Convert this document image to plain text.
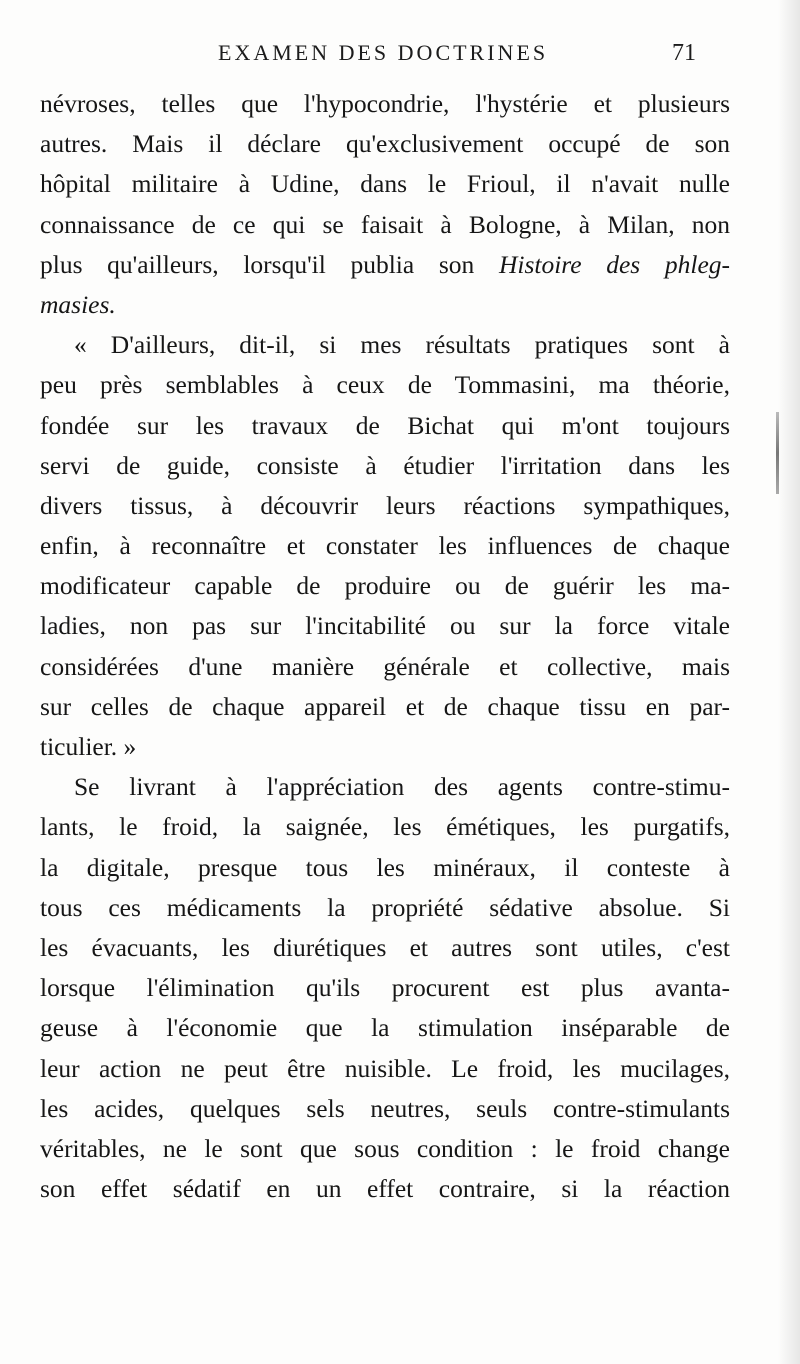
EXAMEN DES DOCTRINES	71
névroses, telles que l'hypocondrie, l'hystérie et plusieurs
autres. Mais il déclare qu'exclusivement occupé de son
hôpital militaire à Udine, dans le Frioul, il n'avait nulle
connaissance de ce qui se faisait à Bologne, à Milan, non
plus qu'ailleurs, lorsqu'il publia son Histoire des phleg-
masies.
« D'ailleurs, dit-il, si mes résultats pratiques sont à
peu près semblables à ceux de Tommasini, ma théorie,
fondée sur les travaux de Bichat qui m'ont toujours
servi de guide, consiste à étudier l'irritation dans les
divers tissus, à découvrir leurs réactions sympathiques,
enfin, à reconnaître et constater les influences de chaque
modificateur capable de produire ou de guérir les ma-
ladies, non pas sur l'incitabilité ou sur la force vitale
considérées d'une manière générale et collective, mais
sur celles de chaque appareil et de chaque tissu en par-
ticulier. »
Se livrant à l'appréciation des agents contre-stimu-
lants, le froid, la saignée, les émétiques, les purgatifs,
la digitale, presque tous les minéraux, il conteste à
tous ces médicaments la propriété sédative absolue. Si
les évacuants, les diurétiques et autres sont utiles, c'est
lorsque l'élimination qu'ils procurent est plus avanta-
geuse à l'économie que la stimulation inséparable de
leur action ne peut être nuisible. Le froid, les mucilages,
les acides, quelques sels neutres, seuls contre-stimulants
véritables, ne le sont que sous condition : le froid change
son effet sédatif en un effet contraire, si la réaction
